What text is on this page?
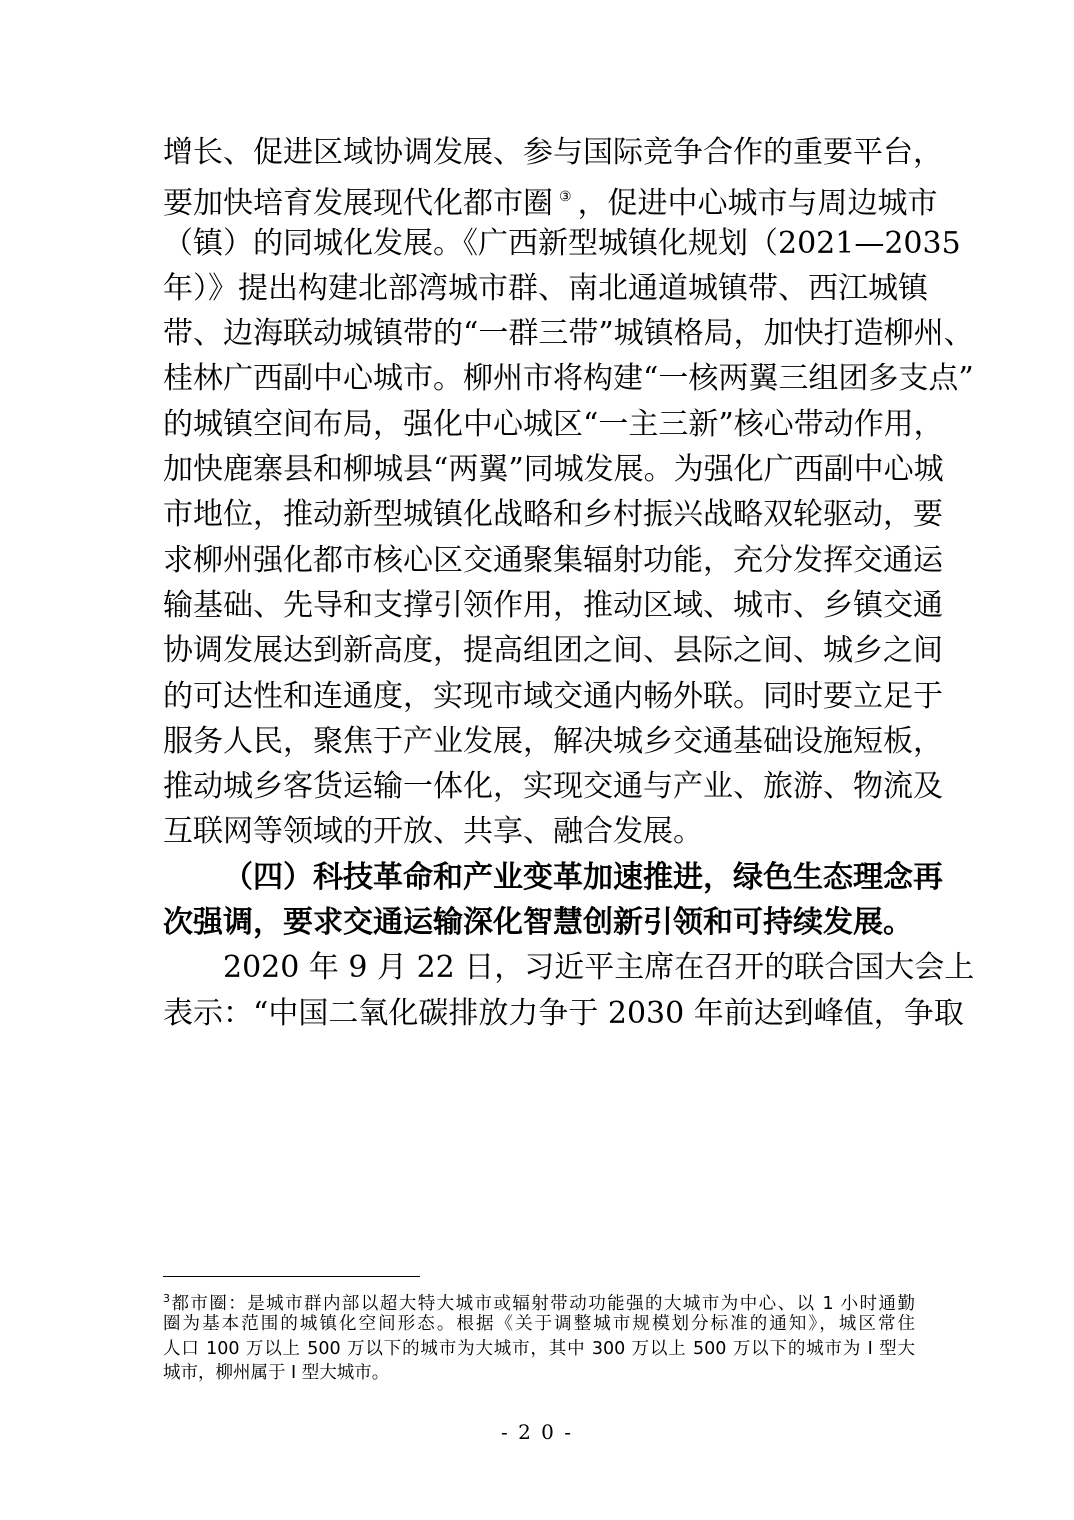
增长、促进区域协调发展、参与国际竞争合作的重要平台，
要加快培育发展现代化都市圈 ③ ，促进中心城市与周边城市
（镇）的同城化发展。《广西新型城镇化规划（2021—2035
年）》提出构建北部湾城市群、南北通道城镇带、西江城镇
带、边海联动城镇带的“一群三带”城镇格局，加快打造柳州、
桂林广西副中心城市。柳州市将构建“一核两翼三组团多支点”
的城镇空间布局，强化中心城区“一主三新”核心带动作用，
加快鹿寨县和柳城县“两翼”同城发展。为强化广西副中心城
市地位，推动新型城镇化战略和乡村振兴战略双轮驱动，要
求柳州强化都市核心区交通聚集辐射功能，充分发挥交通运
输基础、先导和支撑引领作用，推动区域、城市、乡镇交通
协调发展达到新高度，提高组团之间、县际之间、城乡之间
的可达性和连通度，实现市域交通内畅外联。同时要立足于
服务人民，聚焦于产业发展，解决城乡交通基础设施短板，
推动城乡客货运输一体化，实现交通与产业、旅游、物流及
互联网等领域的开放、共享、融合发展。
（四）科技革命和产业变革加速推进，绿色生态理念再
次强调，要求交通运输深化智慧创新引领和可持续发展。
2020 年 9 月 22 日，习近平主席在召开的联合国大会上
表示：“中国二氧化碳排放力争于 2030 年前达到峰值，争取
$^3$都市圈：是城市群内部以超大特大城市或辐射带动功能强的大城市为中心、以 1 小时通勤
圈为基本范围的城镇化空间形态。根据《关于调整城市规模划分标准的通知》，城区常住
人口 100 万以上 500 万以下的城市为大城市，其中 300 万以上 500 万以下的城市为 I 型大
城市，柳州属于 I 型大城市。
- 2 0 -
